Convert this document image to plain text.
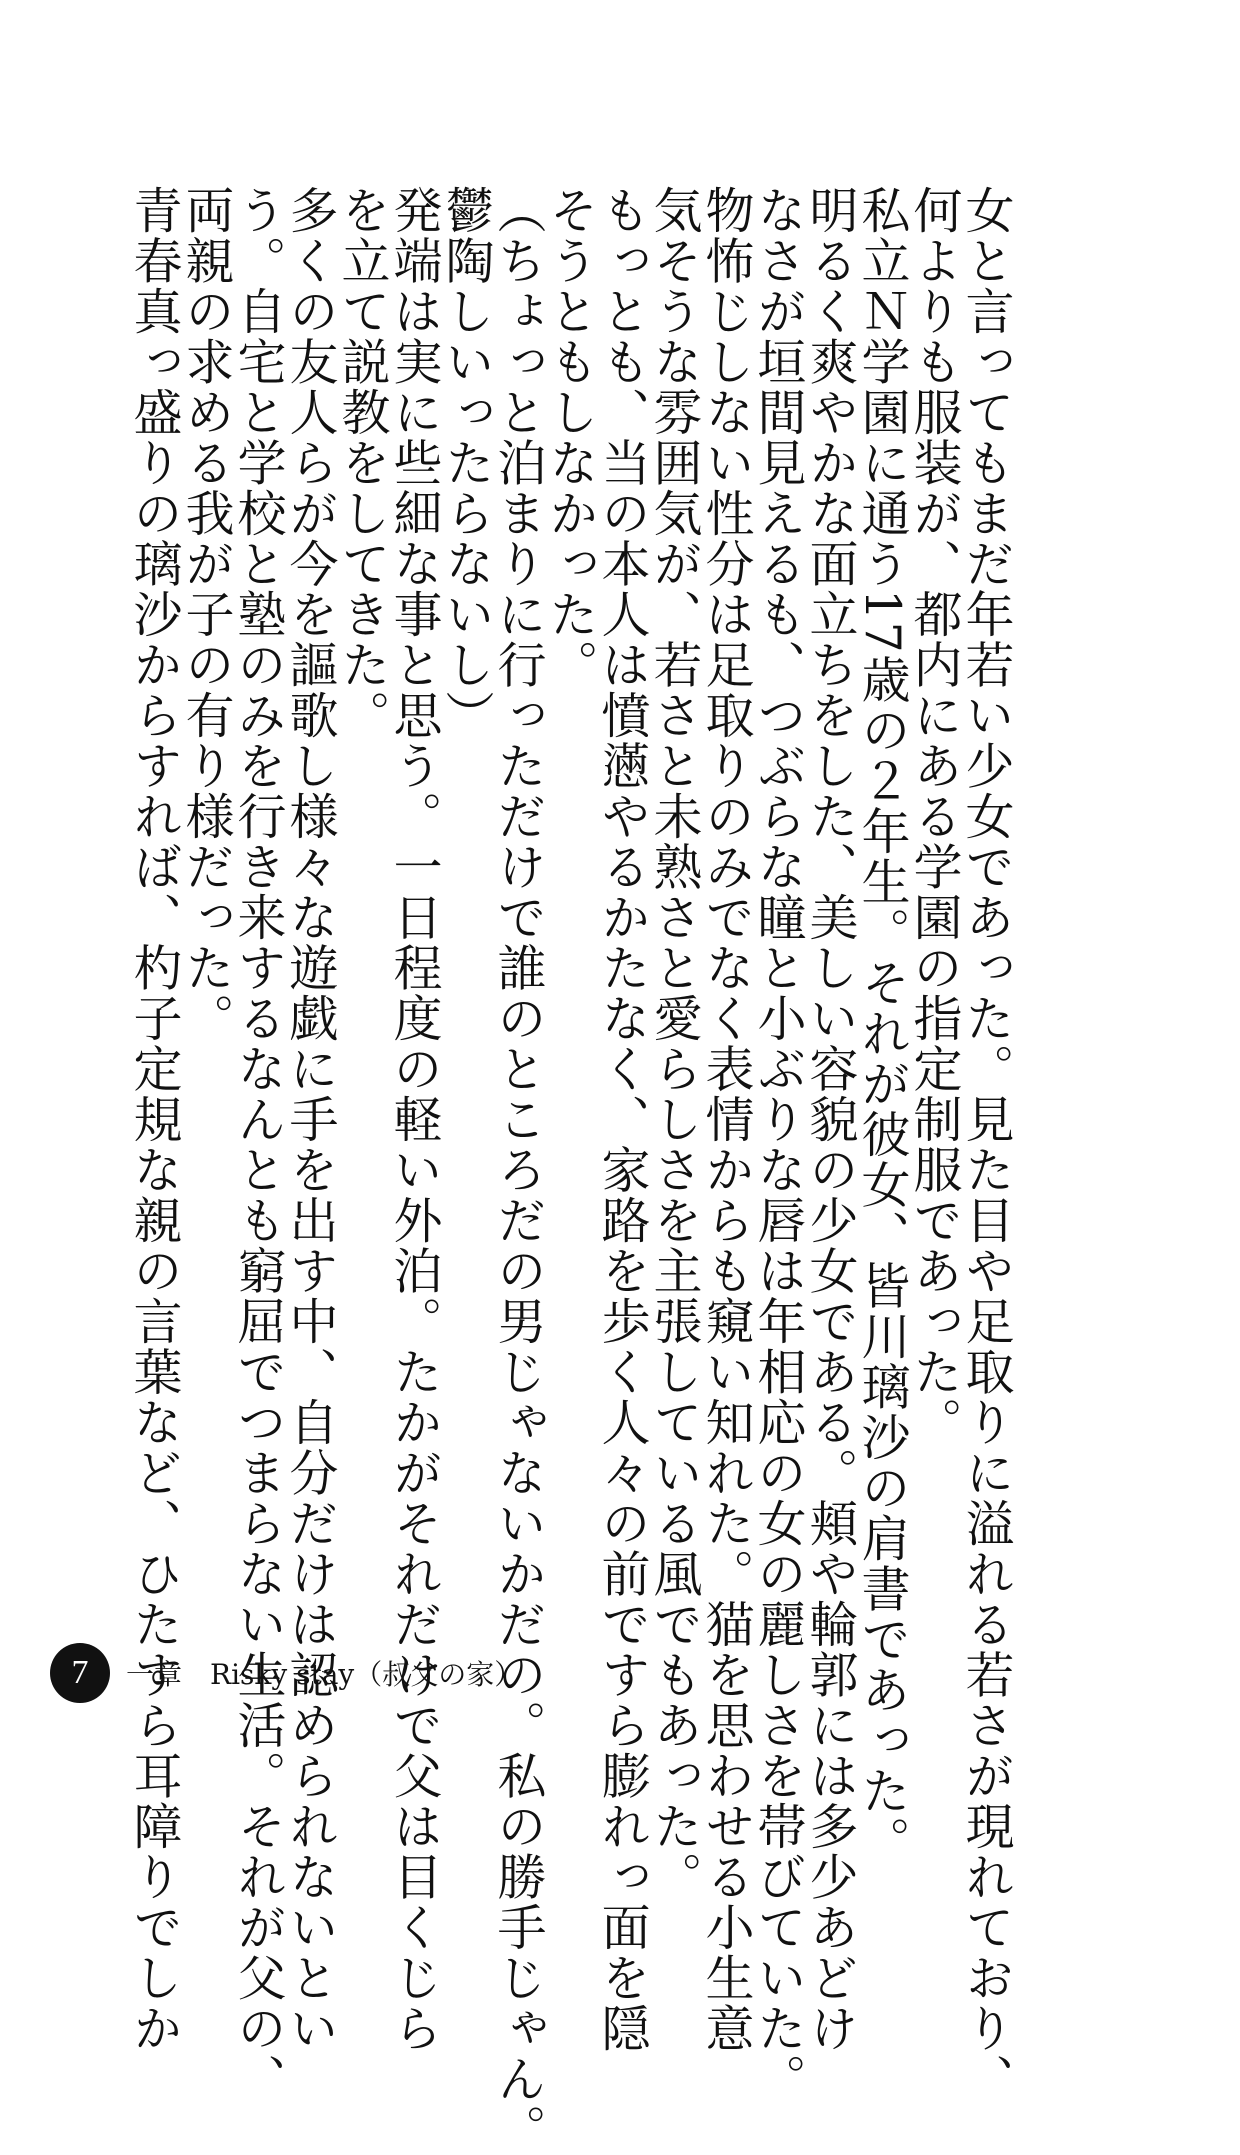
女と言ってもまだ年若い少女であった。見た目や足取りに溢れる若さが現れており、
何よりも服装が、都内にある学園の指定制服であった。
私立Ｎ学園に通う17歳の２年生。それが彼女、皆川璃沙の肩書であった。
明るく爽やかな面立ちをした、美しい容貌の少女である。頬や輪郭には多少あどけ
なさが垣間見えるも、つぶらな瞳と小ぶりな唇は年相応の女の麗しさを帯びていた。
物怖じしない性分は足取りのみでなく表情からも窺い知れた。猫を思わせる小生意
気そうな雰囲気が、若さと未熟さと愛らしさを主張している風でもあった。
もっとも、当の本人は憤懣やるかたなく、家路を歩く人々の前ですら膨れっ面を隠
そうともしなかった。
（ちょっと泊まりに行っただけで誰のところだの男じゃないかだの。私の勝手じゃん。
鬱陶しいったらないし）
発端は実に些細な事と思う。一日程度の軽い外泊。たかがそれだけで父は目くじら
を立て説教をしてきた。
多くの友人らが今を謳歌し様々な遊戯に手を出す中、自分だけは認められないとい
う。自宅と学校と塾のみを行き来するなんとも窮屈でつまらない生活。それが父の、
両親の求める我が子の有り様だった。
青春真っ盛りの璃沙からすれば、杓子定規な親の言葉など、ひたすら耳障りでしか
7	一章　Risky stay（叔父の家）
